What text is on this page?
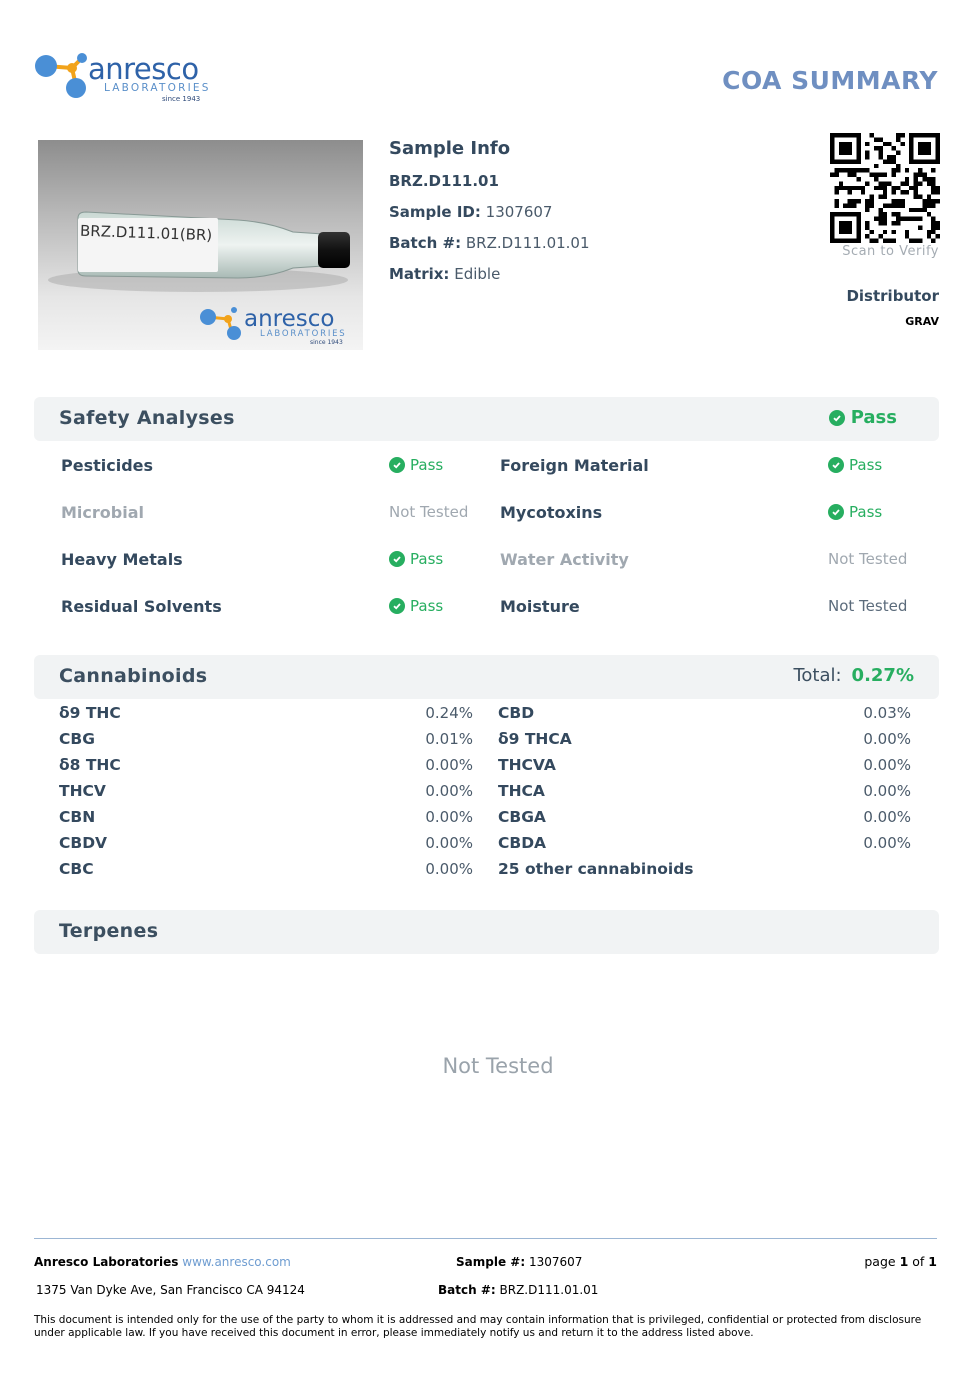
anresco
LABORATORIES
since 1943
COA SUMMARY
BRZ.D111.01(BR)
anresco
LABORATORIES
since 1943
Sample Info
BRZ.D111.01
Sample ID: 1307607
Batch #: BRZ.D111.01.01
Matrix: Edible
Scan to Verify
Distributor
GRAV
Safety Analyses	Pass
Pesticides	Pass
Microbial	Not Tested
Heavy Metals	Pass
Residual Solvents	Pass
Foreign Material	Pass
Mycotoxins	Pass
Water Activity	Not Tested
Moisture	Not Tested
Cannabinoids	Total: 0.27%
δ9 THC	0.24%
CBG	0.01%
δ8 THC	0.00%
THCV	0.00%
CBN	0.00%
CBDV	0.00%
CBC	0.00%
CBD	0.03%
δ9 THCA	0.00%
THCVA	0.00%
THCA	0.00%
CBGA	0.00%
CBDA	0.00%
25 other cannabinoids
Terpenes
Not Tested
Anresco Laboratories www.anresco.com
1375 Van Dyke Ave, San Francisco CA 94124
Sample #: 1307607
Batch #: BRZ.D111.01.01
page 1 of 1
This document is intended only for the use of the party to whom it is addressed and may contain information that is privileged, confidential or protected from disclosure under applicable law. If you have received this document in error, please immediately notify us and return it to the address listed above.
